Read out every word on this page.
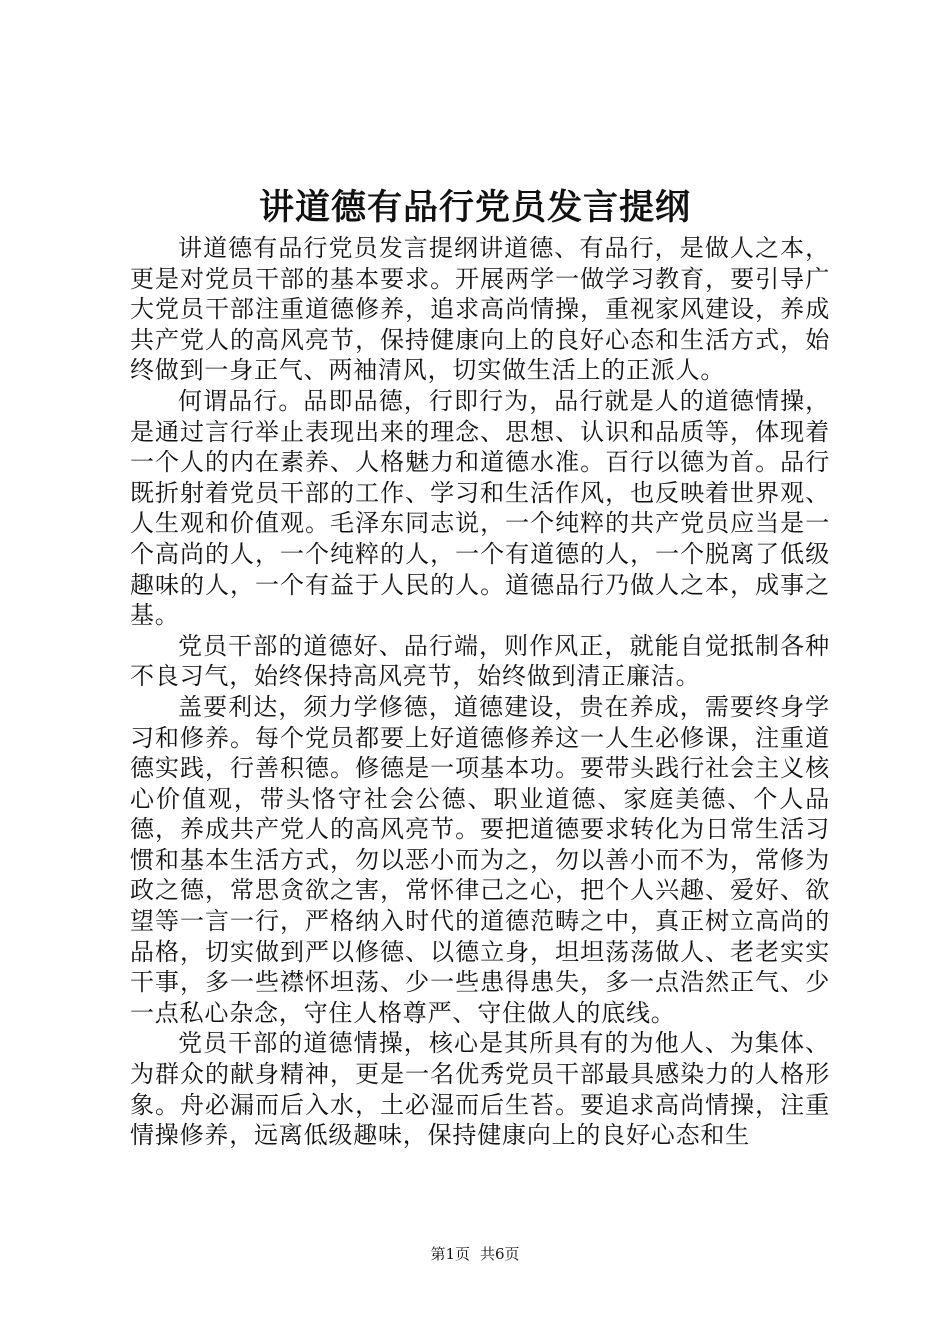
讲道德有品行党员发言提纲

讲道德有品行党员发言提纲讲道德、有品行，是做人之本，更是对党员干部的基本要求。开展两学一做学习教育，要引导广大党员干部注重道德修养，追求高尚情操，重视家风建设，养成共产党人的高风亮节，保持健康向上的良好心态和生活方式，始终做到一身正气、两袖清风，切实做生活上的正派人。

何谓品行。品即品德，行即行为，品行就是人的道德情操，是通过言行举止表现出来的理念、思想、认识和品质等，体现着一个人的内在素养、人格魅力和道德水准。百行以德为首。品行既折射着党员干部的工作、学习和生活作风，也反映着世界观、人生观和价值观。毛泽东同志说，一个纯粹的共产党员应当是一个高尚的人，一个纯粹的人，一个有道德的人，一个脱离了低级趣味的人，一个有益于人民的人。道德品行乃做人之本，成事之基。

党员干部的道德好、品行端，则作风正，就能自觉抵制各种不良习气，始终保持高风亮节，始终做到清正廉洁。

盖要利达，须力学修德，道德建设，贵在养成，需要终身学习和修养。每个党员都要上好道德修养这一人生必修课，注重道德实践，行善积德。修德是一项基本功。要带头践行社会主义核心价值观，带头恪守社会公德、职业道德、家庭美德、个人品德，养成共产党人的高风亮节。要把道德要求转化为日常生活习惯和基本生活方式，勿以恶小而为之，勿以善小而不为，常修为政之德，常思贪欲之害，常怀律己之心，把个人兴趣、爱好、欲望等一言一行，严格纳入时代的道德范畴之中，真正树立高尚的品格，切实做到严以修德、以德立身，坦坦荡荡做人、老老实实干事，多一些襟怀坦荡、少一些患得患失，多一点浩然正气、少一点私心杂念，守住人格尊严、守住做人的底线。

党员干部的道德情操，核心是其所具有的为他人、为集体、为群众的献身精神，更是一名优秀党员干部最具感染力的人格形象。舟必漏而后入水，土必湿而后生苔。要追求高尚情操，注重情操修养，远离低级趣味，保持健康向上的良好心态和生

第1页 共6页
